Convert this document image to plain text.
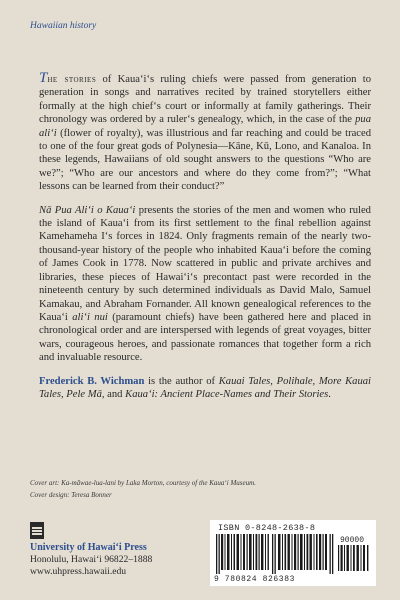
Hawaiian history

The stories of Kauaʻiʻs ruling chiefs were passed from generation to generation in songs and narratives recited by trained storytellers either formally at the high chiefʻs court or informally at family gatherings. Their chronology was ordered by a rulerʻs genealogy, which, in the case of the pua aliʻi (flower of royalty), was illustrious and far reaching and could be traced to one of the four great gods of Polynesia—Kāne, Kū, Lono, and Kanaloa. In these legends, Hawaiians of old sought answers to the questions “Who are we?”; “Who are our ancestors and where do they come from?”; “What lessons can be learned from their conduct?”

Nā Pua Aliʻi o Kauaʻi presents the stories of the men and women who ruled the island of Kauaʻi from its first settlement to the final rebellion against Kamehameha Iʻs forces in 1824. Only fragments remain of the nearly two-thousand-year history of the people who inhabited Kauaʻi before the coming of James Cook in 1778. Now scattered in public and private archives and libraries, these pieces of Hawaiʻiʻs precontact past were recorded in the nineteenth century by such determined individuals as David Malo, Samuel Kamakau, and Abraham Fornander. All known genealogical references to the Kauaʻi aliʻi nui (paramount chiefs) have been gathered here and placed in chronological order and are interspersed with legends of great voyages, bitter wars, courageous heroes, and passionate romances that together form a rich and invaluable resource.

Frederick B. Wichman is the author of Kauai Tales, Polihale, More Kauai Tales, Pele Mā, and Kauaʻi: Ancient Place-Names and Their Stories.

Cover art: Ka-māwae-lua-lani by Laka Morton, courtesy of the Kauaʻi Museum.
Cover design: Teresa Bonner
University of Hawaiʻi Press
Honolulu, Hawaiʻi 96822–1888
www.uhpress.hawaii.edu
ISBN 0-8248-2638-8
90000
9 780824 826383
